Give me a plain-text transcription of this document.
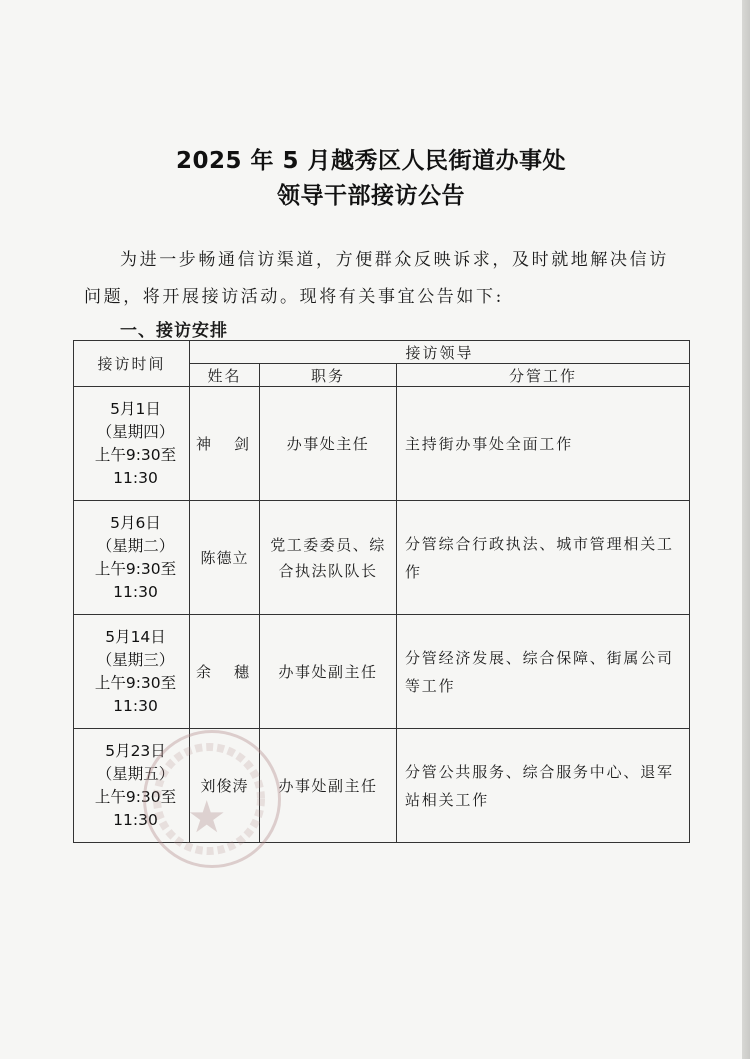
2025 年 5 月越秀区人民街道办事处
领导干部接访公告
为进一步畅通信访渠道，方便群众反映诉求，及时就地解决信访问题，将开展接访活动。现将有关事宜公告如下:
一、接访安排
接访时间	接访领导		
	姓名	职务	分管工作

5月1日
（星期四）
上午9:30至
11:30	神　剑	办事处主任	主持街办事处全面工作

5月6日
（星期二）
上午9:30至
11:30	陈德立	党工委委员、综合执法队队长	分管综合行政执法、城市管理相关工作

5月14日
（星期三）
上午9:30至
11:30	余　穗	办事处副主任	分管经济发展、综合保障、街属公司等工作

5月23日
（星期五）
上午9:30至
11:30	刘俊涛	办事处副主任	分管公共服务、综合服务中心、退军站相关工作
★
